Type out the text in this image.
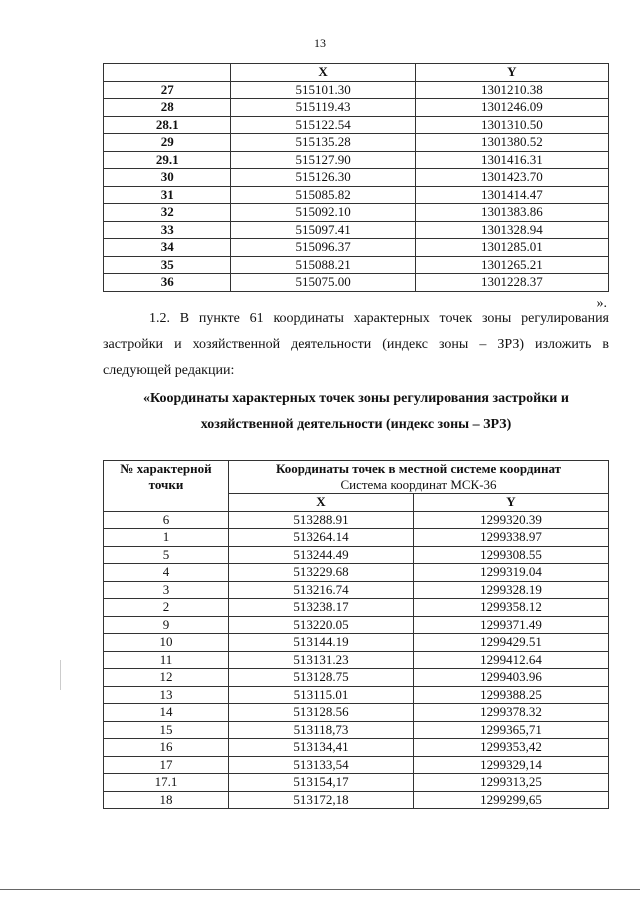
13
	X	Y
27	515101.30	1301210.38
28	515119.43	1301246.09
28.1	515122.54	1301310.50
29	515135.28	1301380.52
29.1	515127.90	1301416.31
30	515126.30	1301423.70
31	515085.82	1301414.47
32	515092.10	1301383.86
33	515097.41	1301328.94
34	515096.37	1301285.01
35	515088.21	1301265.21
36	515075.00	1301228.37
».

1.2. В пункте 61 координаты характерных точек зоны регулирования

застройки и хозяйственной деятельности (индекс зоны – ЗРЗ) изложить в

следующей редакции:

«Координаты характерных точек зоны регулирования застройки и
хозяйственной деятельности (индекс зоны – ЗРЗ)
№ характерной
точки	Координаты точек в местной системе координат
Система координат МСК-36	

	X	Y
6	513288.91	1299320.39
1	513264.14	1299338.97
5	513244.49	1299308.55
4	513229.68	1299319.04
3	513216.74	1299328.19
2	513238.17	1299358.12
9	513220.05	1299371.49
10	513144.19	1299429.51
11	513131.23	1299412.64
12	513128.75	1299403.96
13	513115.01	1299388.25
14	513128.56	1299378.32
15	513118,73	1299365,71
16	513134,41	1299353,42
17	513133,54	1299329,14
17.1	513154,17	1299313,25
18	513172,18	1299299,65
